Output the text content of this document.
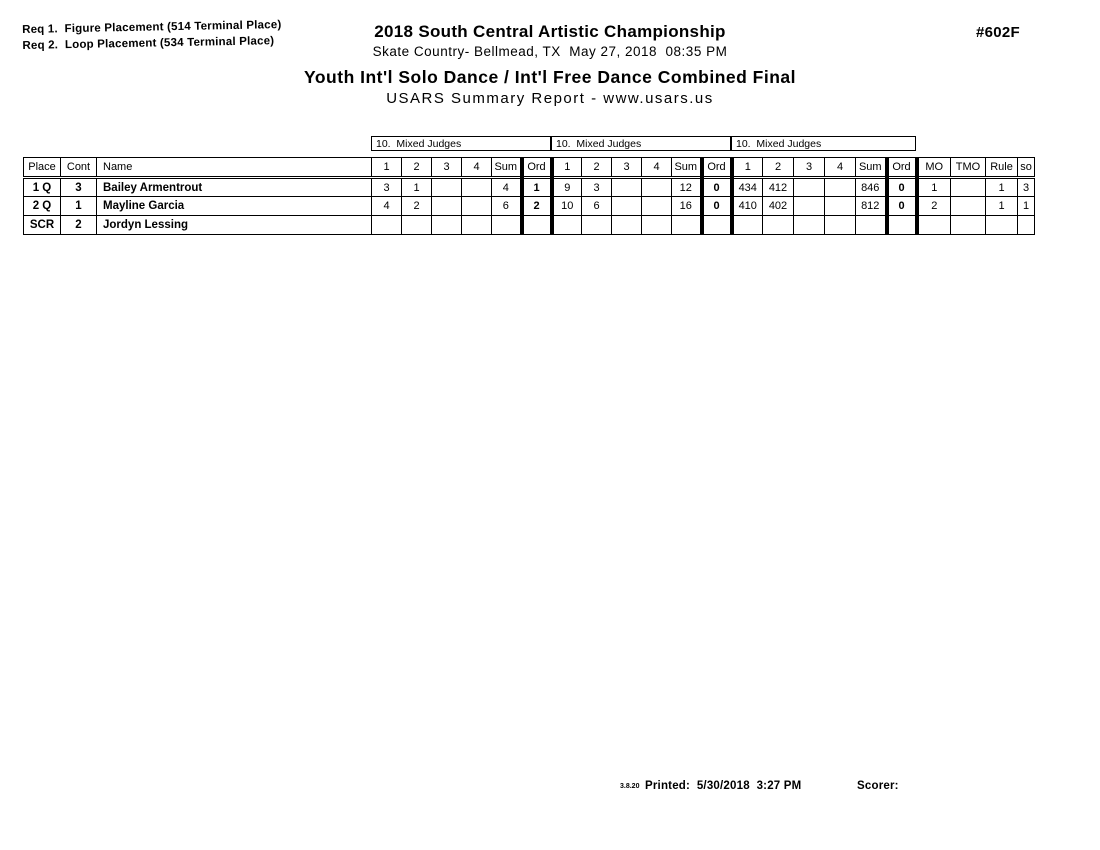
Req 1.  Figure Placement (514 Terminal Place)
Req 2.  Loop Placement (534 Terminal Place)
2018 South Central Artistic Championship
Skate Country- Bellmead, TX  May 27, 2018  08:35 PM
Youth Int'l Solo Dance / Int'l Free Dance Combined Final
USARS Summary Report - www.usars.us
#602F
10.  Mixed Judges	10.  Mixed Judges	10.  Mixed Judges
Place	Cont	Name	1	2	3	4	Sum	Ord	1	2	3	4	Sum	Ord	1	2	3	4	Sum	Ord	MO	TMO	Rule	so
1 Q	3	Bailey Armentrout	3	1			4	1	9	3			12	0	434	412			846	0	1		1	3
2 Q	1	Mayline Garcia	4	2			6	2	10	6			16	0	410	402			812	0	2		1	1
SCR	2	Jordyn Lessing																						
3.8.20 Printed:  5/30/2018  3:27 PM	Scorer:
